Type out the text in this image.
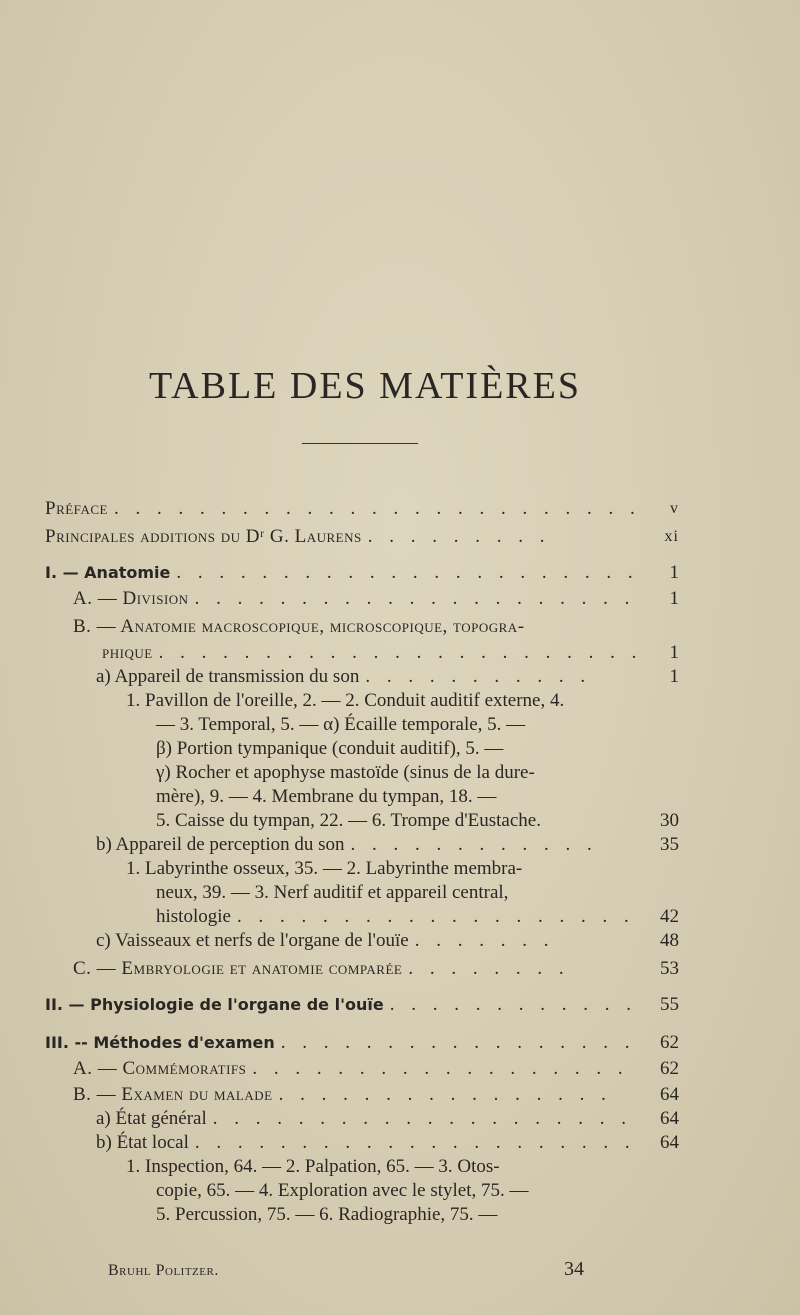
TABLE DES MATIÈRES
Préface . . . . . . . . . . . . . . . . . . . . . . . . . v
Principales additions du Dʳ G. Laurens . . . . . . . . .	xi
I. — Anatomie . . . . . . . . . . . . . . . . . . . . . . 1
A. — Division . . . . . . . . . . . . . . . . . . . . . 1
B. — Anatomie macroscopique, microscopique, topogra-
phique . . . . . . . . . . . . . . . . . . . . . . . 1
a) Appareil de transmission du son . . . . . . . . . . .	1
1. Pavillon de l'oreille, 2. — 2. Conduit auditif externe, 4.
— 3. Temporal, 5. — α) Écaille temporale, 5. —
β) Portion tympanique (conduit auditif), 5. —
γ) Rocher et apophyse mastoïde (sinus de la dure-
mère), 9. — 4. Membrane du tympan, 18. —
5. Caisse du tympan, 22. — 6. Trompe d'Eustache.	30
b) Appareil de perception du son . . . . . . . . . . . .	35
1. Labyrinthe osseux, 35. — 2. Labyrinthe membra-
neux, 39. — 3. Nerf auditif et appareil central,
histologie . . . . . . . . . . . . . . . . . . . 42
c) Vaisseaux et nerfs de l'organe de l'ouïe . . . . . . .	48
C. — Embryologie et anatomie comparée . . . . . . . .	53
II. — Physiologie de l'organe de l'ouïe . . . . . . . . . . . . 55
III. -- Méthodes d'examen . . . . . . . . . . . . . . . . . 62
A. — Commémoratifs . . . . . . . . . . . . . . . . . . 62
B. — Examen du malade . . . . . . . . . . . . . . . .	64
a) État général . . . . . . . . . . . . . . . . . . . . 64
b) État local . . . . . . . . . . . . . . . . . . . . . 64
1. Inspection, 64. — 2. Palpation, 65. — 3. Otos-
copie, 65. — 4. Exploration avec le stylet, 75. —
5. Percussion, 75. — 6. Radiographie, 75. —
Bruhl Politzer.	34
